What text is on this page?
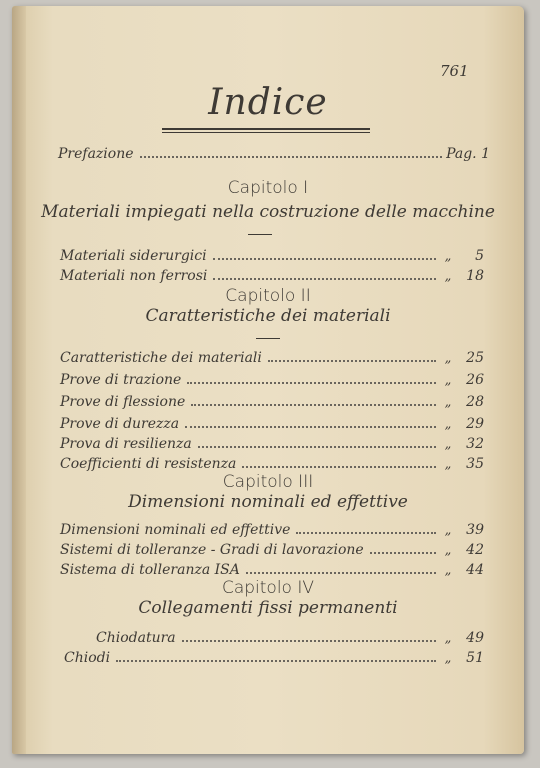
761
Indice
Prefazione	Pag. 1
Capitolo I
Materiali impiegati nella costruzione delle macchine
Materiali siderurgici	„	5
Materiali non ferrosi	„	18
Capitolo II
Caratteristiche dei materiali
Caratteristiche dei materiali	„	25
Prove di trazione	„	26
Prove di flessione	„	28
Prove di durezza	„	29
Prova di resilienza	„	32
Coefficienti di resistenza	„	35
Capitolo III
Dimensioni nominali ed effettive
Dimensioni nominali ed effettive	„	39
Sistemi di tolleranze - Gradi di lavorazione	„	42
Sistema di tolleranza ISA	„	44
Capitolo IV
Collegamenti fissi permanenti
Chiodatura	„	49
Chiodi	„	51
